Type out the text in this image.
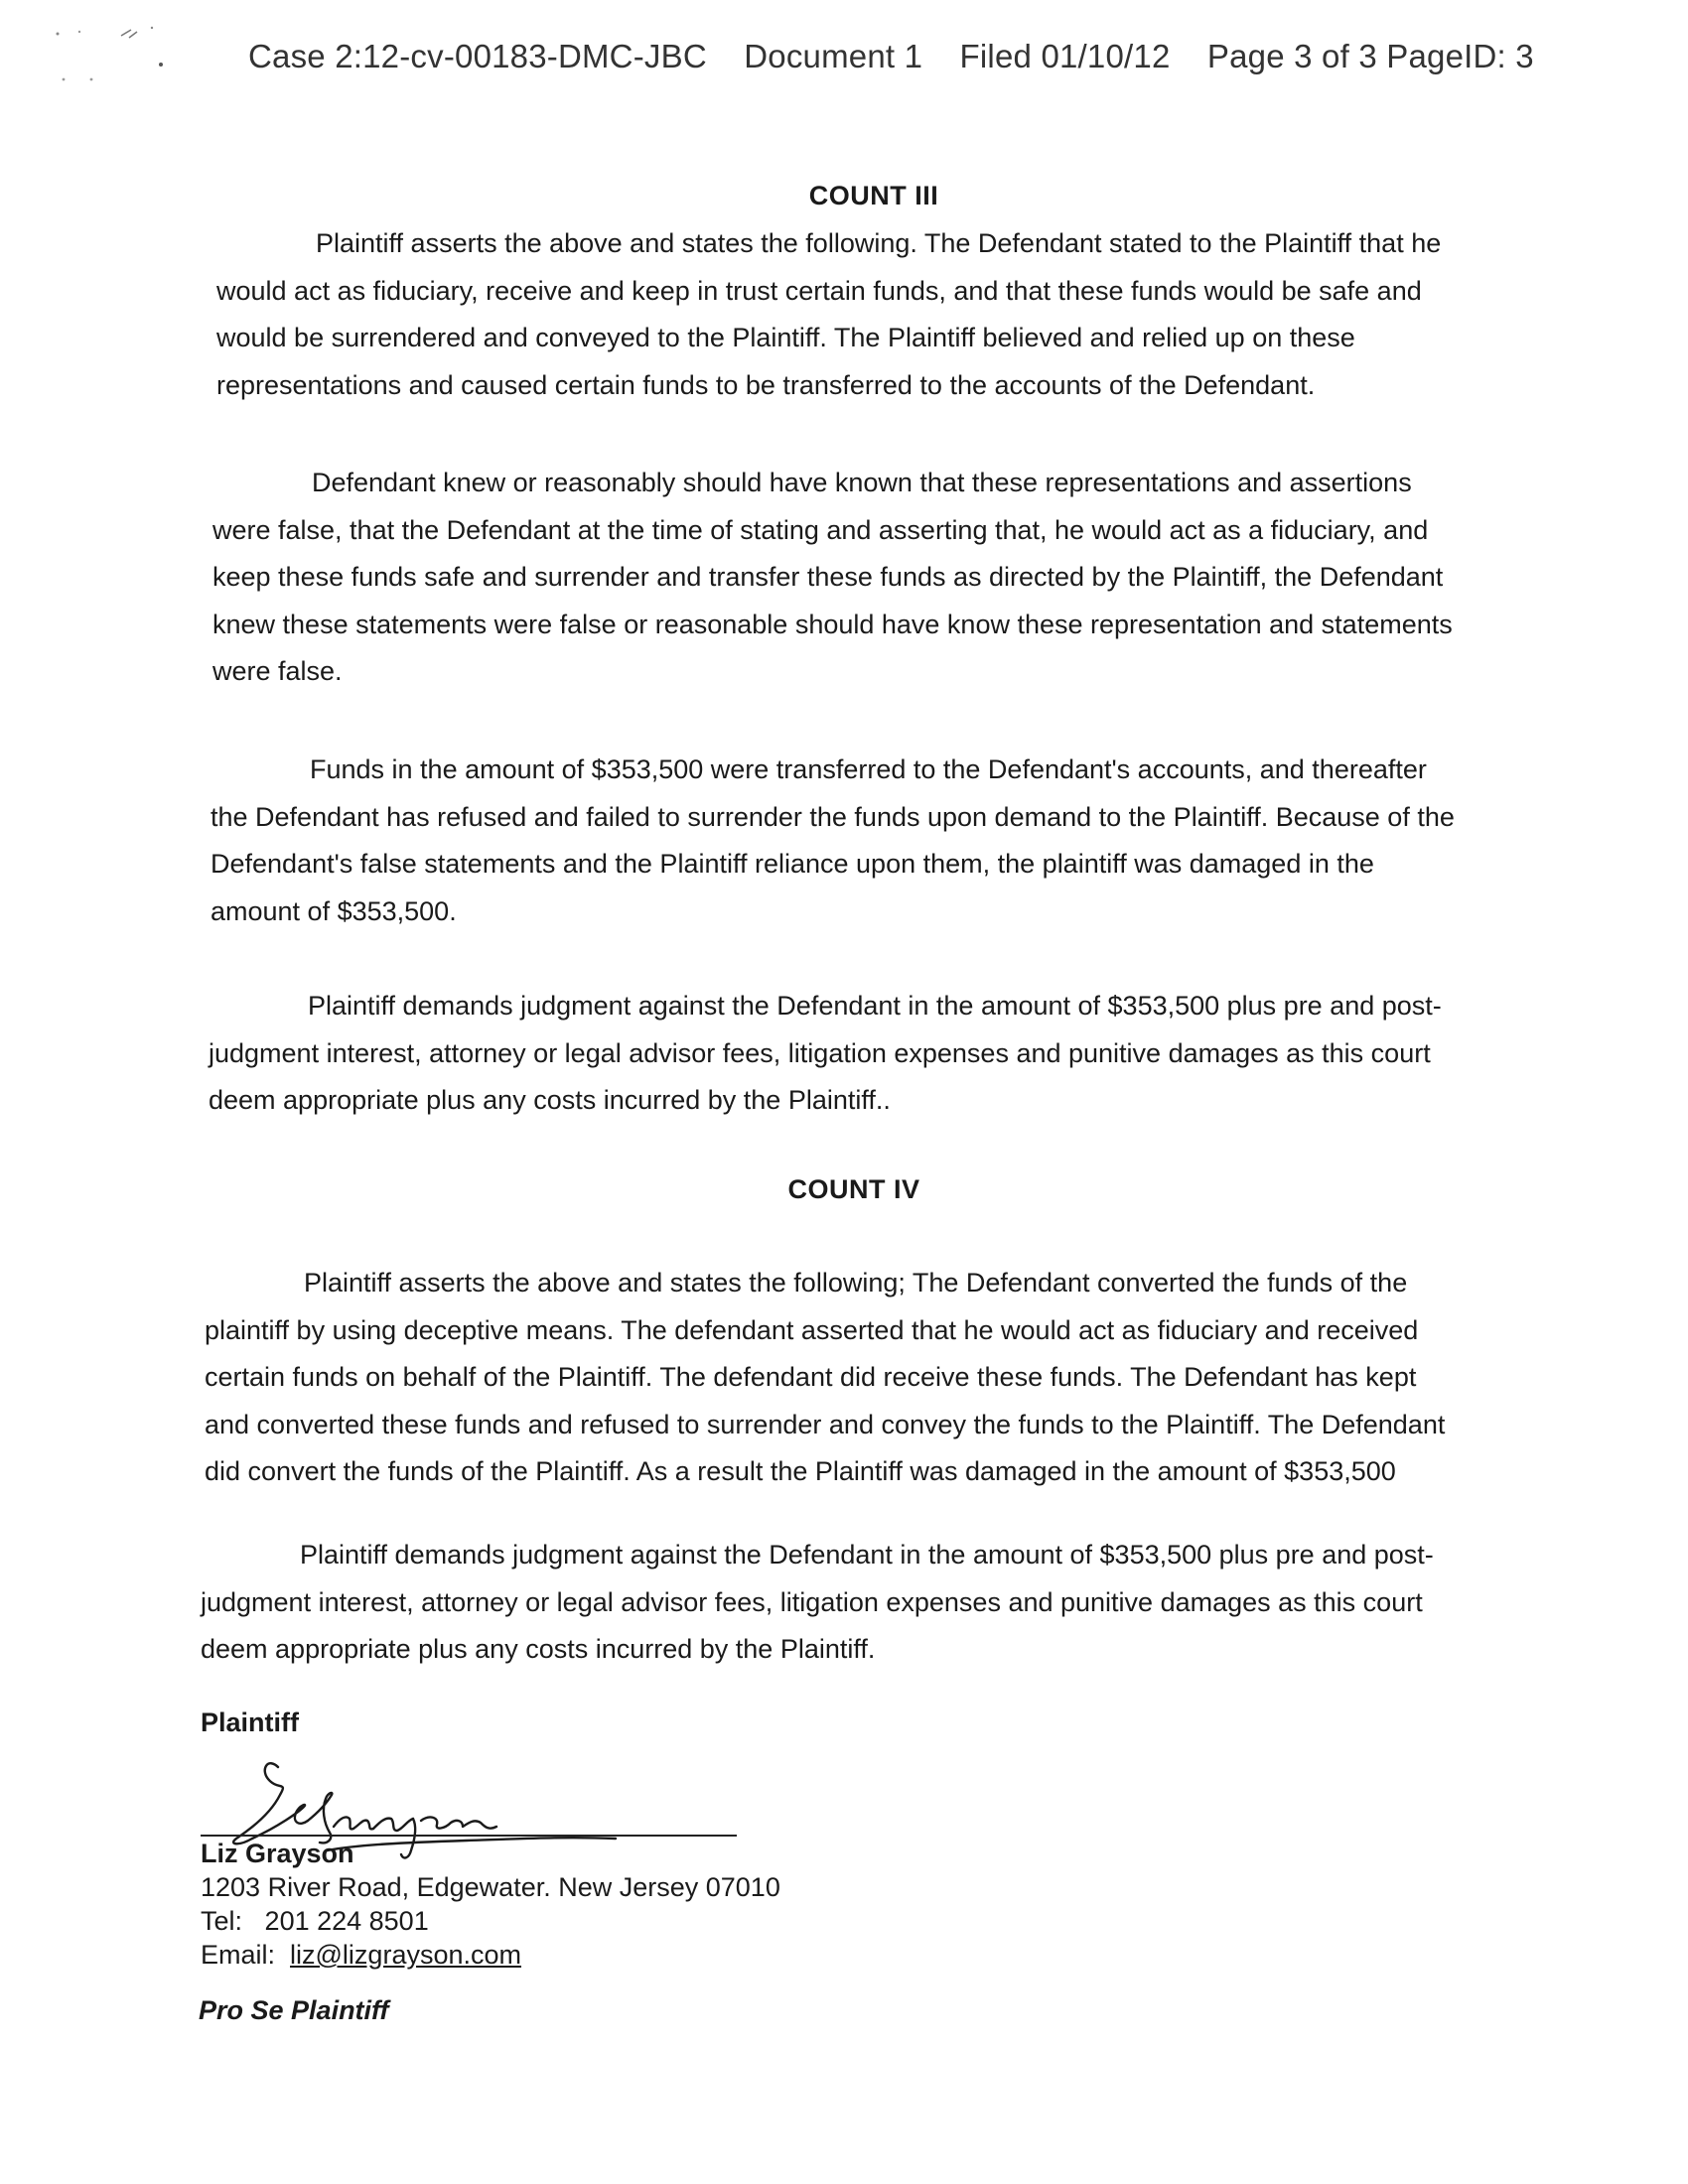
Case 2:12-cv-00183-DMC-JBC Document 1 Filed 01/10/12 Page 3 of 3 PageID: 3
COUNT III
Plaintiff asserts the above and states the following. The Defendant stated to the Plaintiff that he
would act as fiduciary, receive and keep in trust certain funds, and that these funds would be safe and
would be surrendered and conveyed to the Plaintiff. The Plaintiff believed and relied up on these
representations and caused certain funds to be transferred to the accounts of the Defendant.
Defendant knew or reasonably should have known that these representations and assertions
were false, that the Defendant at the time of stating and asserting that, he would act as a fiduciary, and
keep these funds safe and surrender and transfer these funds as directed by the Plaintiff, the Defendant
knew these statements were false or reasonable should have know these representation and statements
were false.
Funds in the amount of $353,500 were transferred to the Defendant's accounts, and thereafter
the Defendant has refused and failed to surrender the funds upon demand to the Plaintiff. Because of the
Defendant's false statements and the Plaintiff reliance upon them, the plaintiff was damaged in the
amount of $353,500.
Plaintiff demands judgment against the Defendant in the amount of $353,500 plus pre and post-
judgment interest, attorney or legal advisor fees, litigation expenses and punitive damages as this court
deem appropriate plus any costs incurred by the Plaintiff..
COUNT IV
Plaintiff asserts the above and states the following; The Defendant converted the funds of the
plaintiff by using deceptive means. The defendant asserted that he would act as fiduciary and received
certain funds on behalf of the Plaintiff. The defendant did receive these funds. The Defendant has kept
and converted these funds and refused to surrender and convey the funds to the Plaintiff. The Defendant
did convert the funds of the Plaintiff. As a result the Plaintiff was damaged in the amount of $353,500
Plaintiff demands judgment against the Defendant in the amount of $353,500 plus pre and post-
judgment interest, attorney or legal advisor fees, litigation expenses and punitive damages as this court
deem appropriate plus any costs incurred by the Plaintiff.
Plaintiff
Liz Grayson
1203 River Road, Edgewater. New Jersey 07010
Tel: 201 224 8501
Email: liz@lizgrayson.com
Pro Se Plaintiff
